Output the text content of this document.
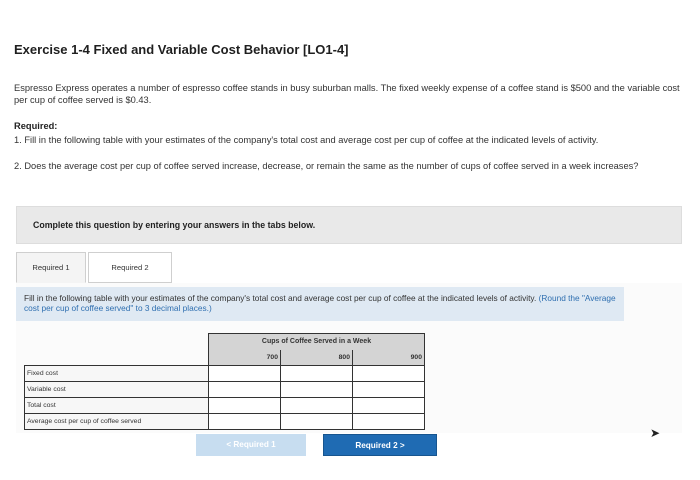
Exercise 1-4 Fixed and Variable Cost Behavior [LO1-4]
Espresso Express operates a number of espresso coffee stands in busy suburban malls. The fixed weekly expense of a coffee stand is $500 and the variable cost per cup of coffee served is $0.43.
Required:
1. Fill in the following table with your estimates of the company's total cost and average cost per cup of coffee at the indicated levels of activity.
2. Does the average cost per cup of coffee served increase, decrease, or remain the same as the number of cups of coffee served in a week increases?
Complete this question by entering your answers in the tabs below.
Required 1	Required 2
Fill in the following table with your estimates of the company's total cost and average cost per cup of coffee at the indicated levels of activity. (Round the "Average cost per cup of coffee served" to 3 decimal places.)
	Cups of Coffee Served in a Week		
	700	800	900
Fixed cost			
Variable cost			
Total cost			
Average cost per cup of coffee served			
< Required 1	Required 2 >
➤
